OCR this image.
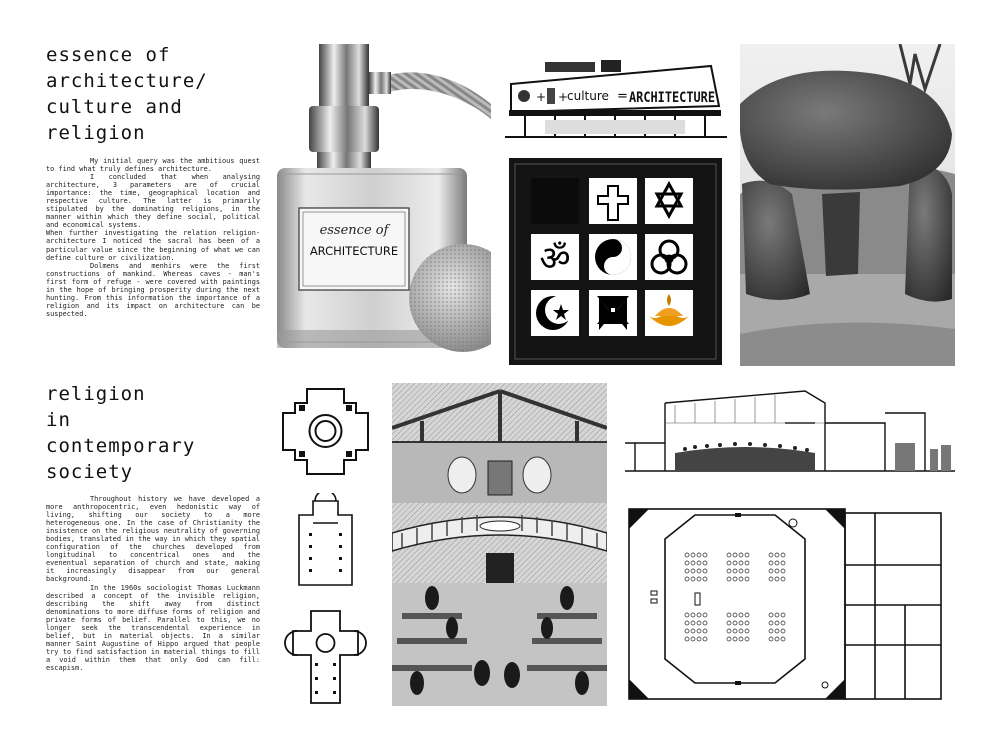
essence of
architecture/
culture and
religion

My initial query was the ambitious quest to find what truly defines architecture.

I concluded that when analysing architecture, 3 parameters are of crucial importance: the time, geographical location and respective culture. The latter is primarily stipulated by the dominating religions, in the manner within which they define social, political and economical systems.

When further investigating the relation religion-architecture I noticed the sacral has been of a particular value since the beginning of what we can define culture or civilization.

Dolmens and menhirs were the first constructions of mankind. Whereas caves - man's first form of refuge - were covered with paintings in the hope of bringing prosperity during the next hunting. From this information the importance of a religion and its impact on architecture can be suspected.

religion
in
contemporary
society

Throughout history we have developed a more anthropocentric, even hedonistic way of living, shifting our society to a more heterogeneous one. In the case of Christianity the insistence on the religious neutrality of governing bodies, translated in the way in which they spatial configuration of the churches developed from longitudinal to concentrical ones and the evenentual separation of church and state, making it increasingly disappear from our general background.

In the 1960s sociologist Thomas Luckmann described a concept of the invisible religion, describing the shift away from distinct denominations to more diffuse forms of religion and private forms of belief. Parallel to this, we no longer seek the transcendental experience in belief, but in material objects. In a similar manner Saint Augustine of Hippo argued that people try to find satisfaction in material things to fill a void within them that only God can fill: escapism.

essence of
ARCHITECTURE
+ +
culture = ARCHITECTURE
ॐ
